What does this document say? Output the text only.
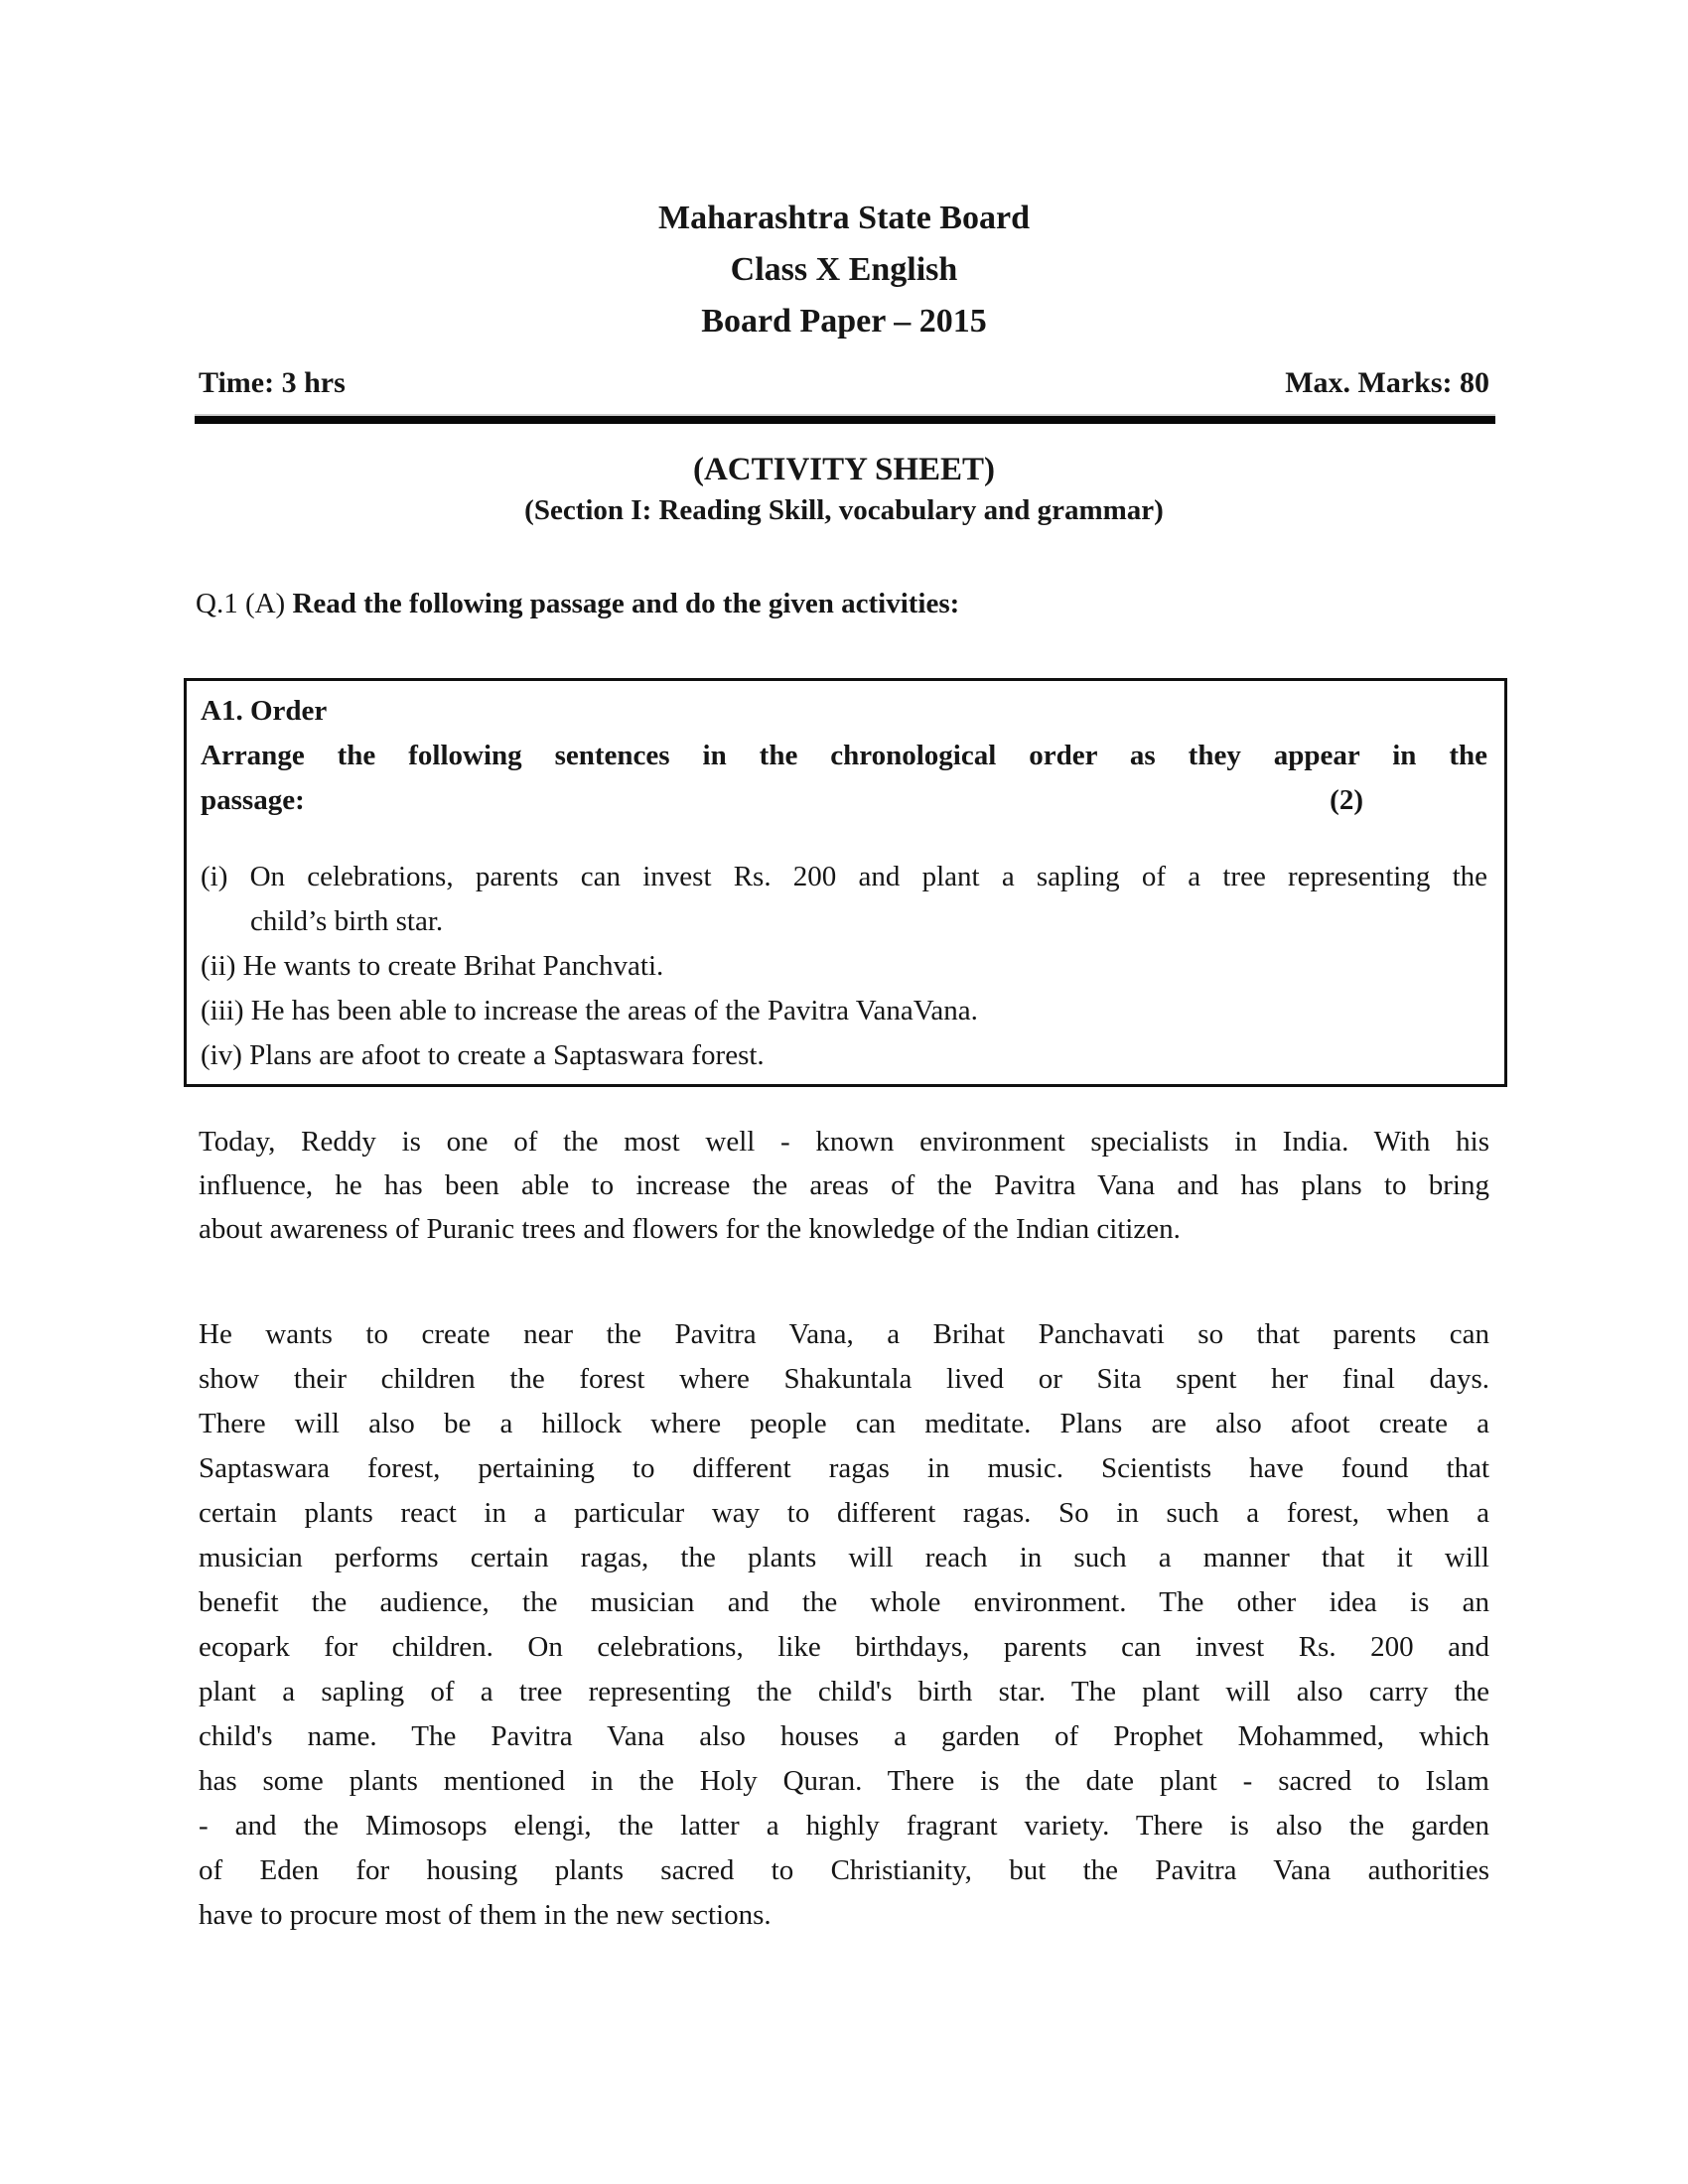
Maharashtra State Board
Class X English
Board Paper – 2015
Time: 3 hrs	Max. Marks: 80
(ACTIVITY SHEET)
(Section I: Reading Skill, vocabulary and grammar)
Q.1 (A) Read the following passage and do the given activities:
A1. Order
Arrange the following sentences in the chronological order as they appear in the
passage:	(2)
(i) On celebrations, parents can invest Rs. 200 and plant a sapling of a tree representing the
child’s birth star.
(ii) He wants to create Brihat Panchvati.
(iii) He has been able to increase the areas of the Pavitra VanaVana.
(iv) Plans are afoot to create a Saptaswara forest.
Today, Reddy is one of the most well - known environment specialists in India. With his
influence, he has been able to increase the areas of the Pavitra Vana and has plans to bring
about awareness of Puranic trees and flowers for the knowledge of the Indian citizen.
He wants to create near the Pavitra Vana, a Brihat Panchavati so that parents can
show their children the forest where Shakuntala lived or Sita spent her final days.
There will also be a hillock where people can meditate. Plans are also afoot create a
Saptaswara forest, pertaining to different ragas in music. Scientists have found that
certain plants react in a particular way to different ragas. So in such a forest, when a
musician performs certain ragas, the plants will reach in such a manner that it will
benefit the audience, the musician and the whole environment. The other idea is an
ecopark for children. On celebrations, like birthdays, parents can invest Rs. 200 and
plant a sapling of a tree representing the child's birth star. The plant will also carry the
child's name. The Pavitra Vana also houses a garden of Prophet Mohammed, which
has some plants mentioned in the Holy Quran. There is the date plant - sacred to Islam
- and the Mimosops elengi, the latter a highly fragrant variety. There is also the garden
of Eden for housing plants sacred to Christianity, but the Pavitra Vana authorities
have to procure most of them in the new sections.
